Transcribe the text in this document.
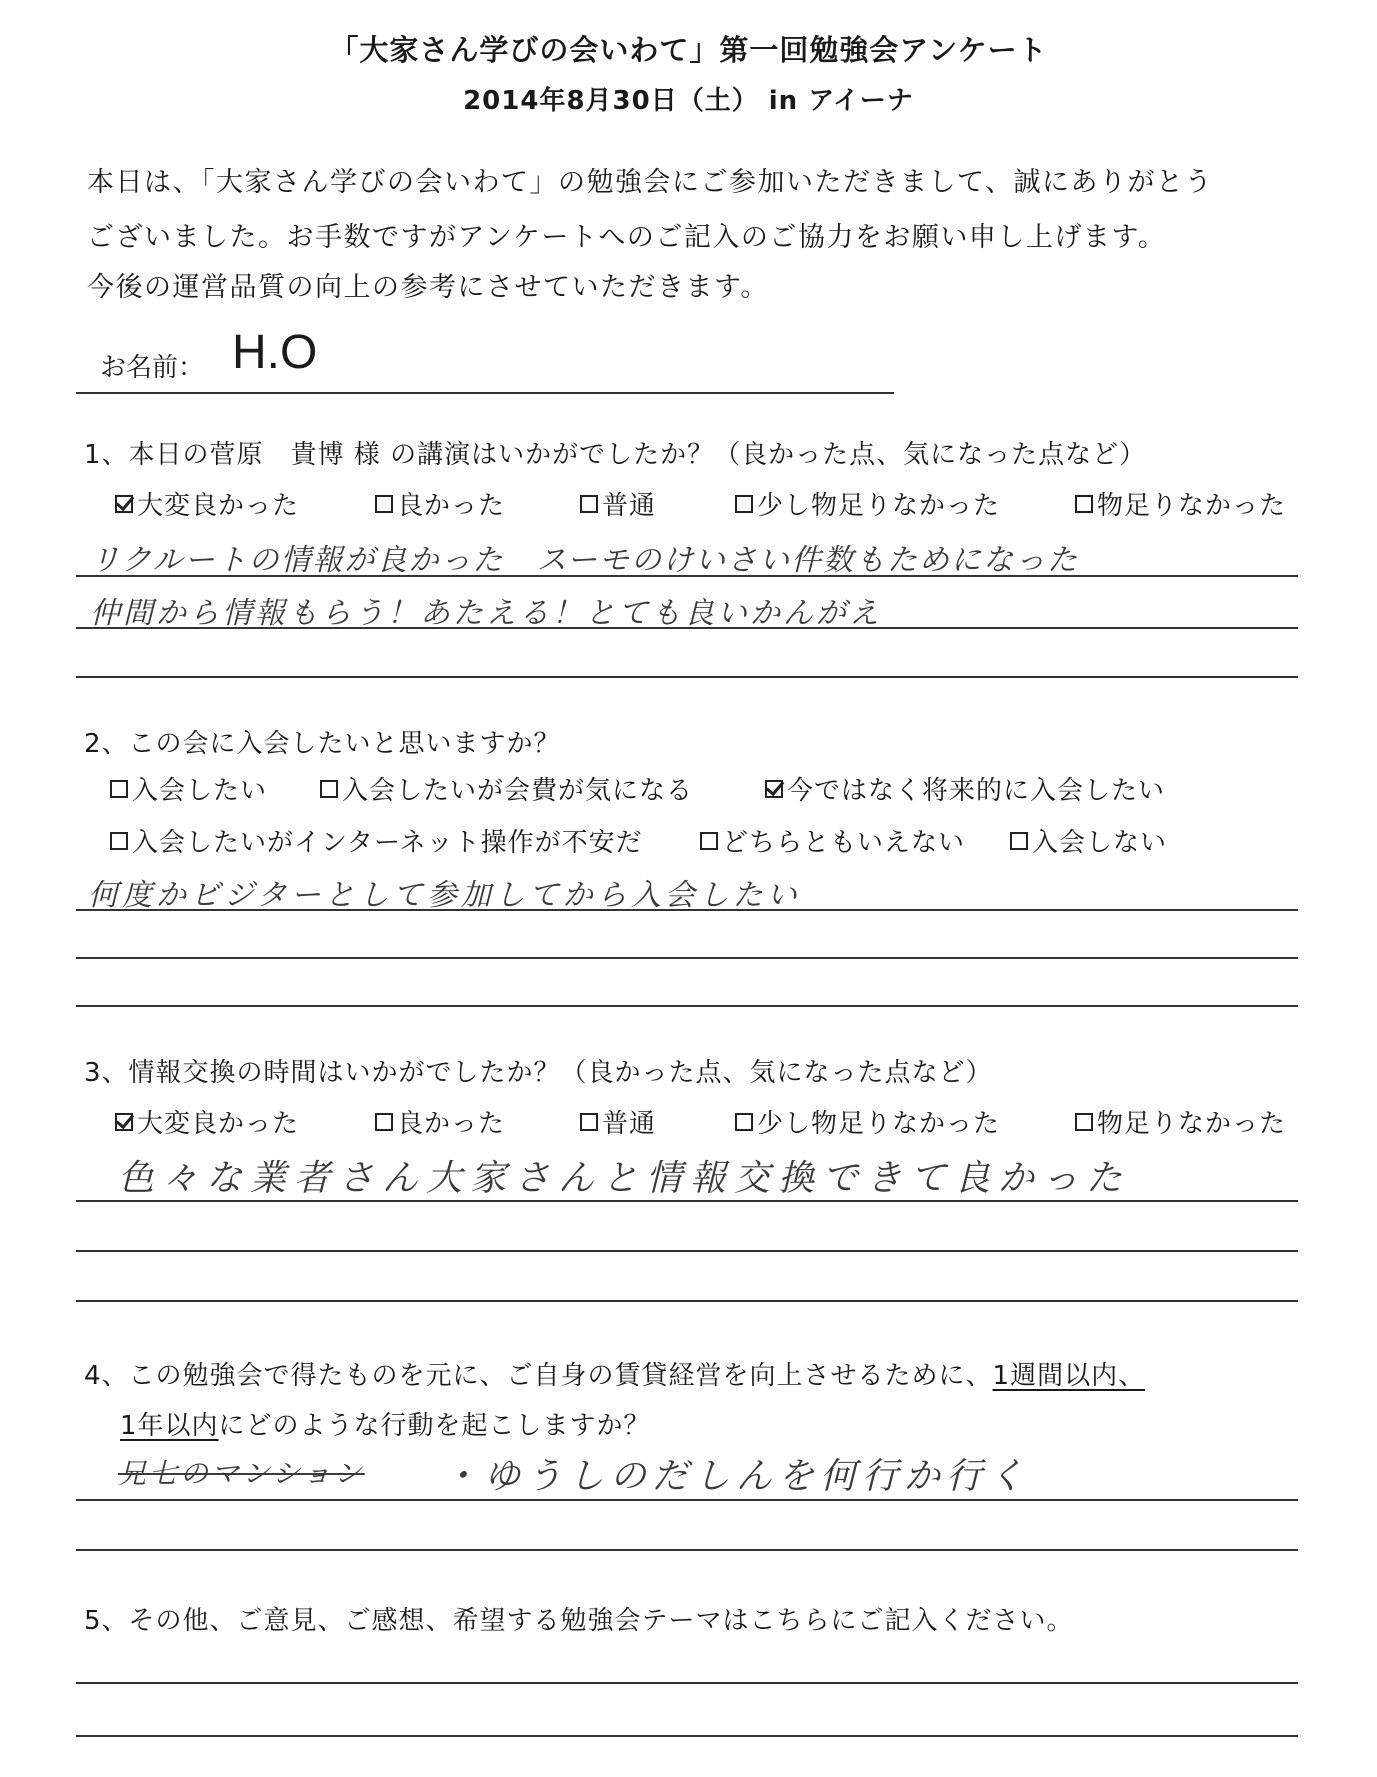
「大家さん学びの会いわて」第一回勉強会アンケート
2014年8月30日（土） in アイーナ
本日は、「大家さん学びの会いわて」の勉強会にご参加いただきまして、誠にありがとう
ございました。お手数ですがアンケートへのご記入のご協力をお願い申し上げます。
今後の運営品質の向上の参考にさせていただきます。
お名前： H.O
1、本日の菅原　貴博 様 の講演はいかがでしたか？（良かった点、気になった点など）
大変良かった	良かった	普通	少し物足りなかった	物足りなかった
リクルートの情報が良かった　スーモのけいさい件数もためになった
仲間から情報もらう！あたえる！とても良いかんがえ
2、この会に入会したいと思いますか？
入会したい	入会したいが会費が気になる	今ではなく将来的に入会したい
入会したいがインターネット操作が不安だ	どちらともいえない	入会しない
何度かビジターとして参加してから入会したい
3、情報交換の時間はいかがでしたか？（良かった点、気になった点など）
大変良かった	良かった	普通	少し物足りなかった	物足りなかった
色々な業者さん大家さんと情報交換できて良かった
4、この勉強会で得たものを元に、ご自身の賃貸経営を向上させるために、1週間以内、
1年以内にどのような行動を起こしますか？
兄七のマンション ・ゆうしのだしんを何行か行く
5、その他、ご意見、ご感想、希望する勉強会テーマはこちらにご記入ください。
